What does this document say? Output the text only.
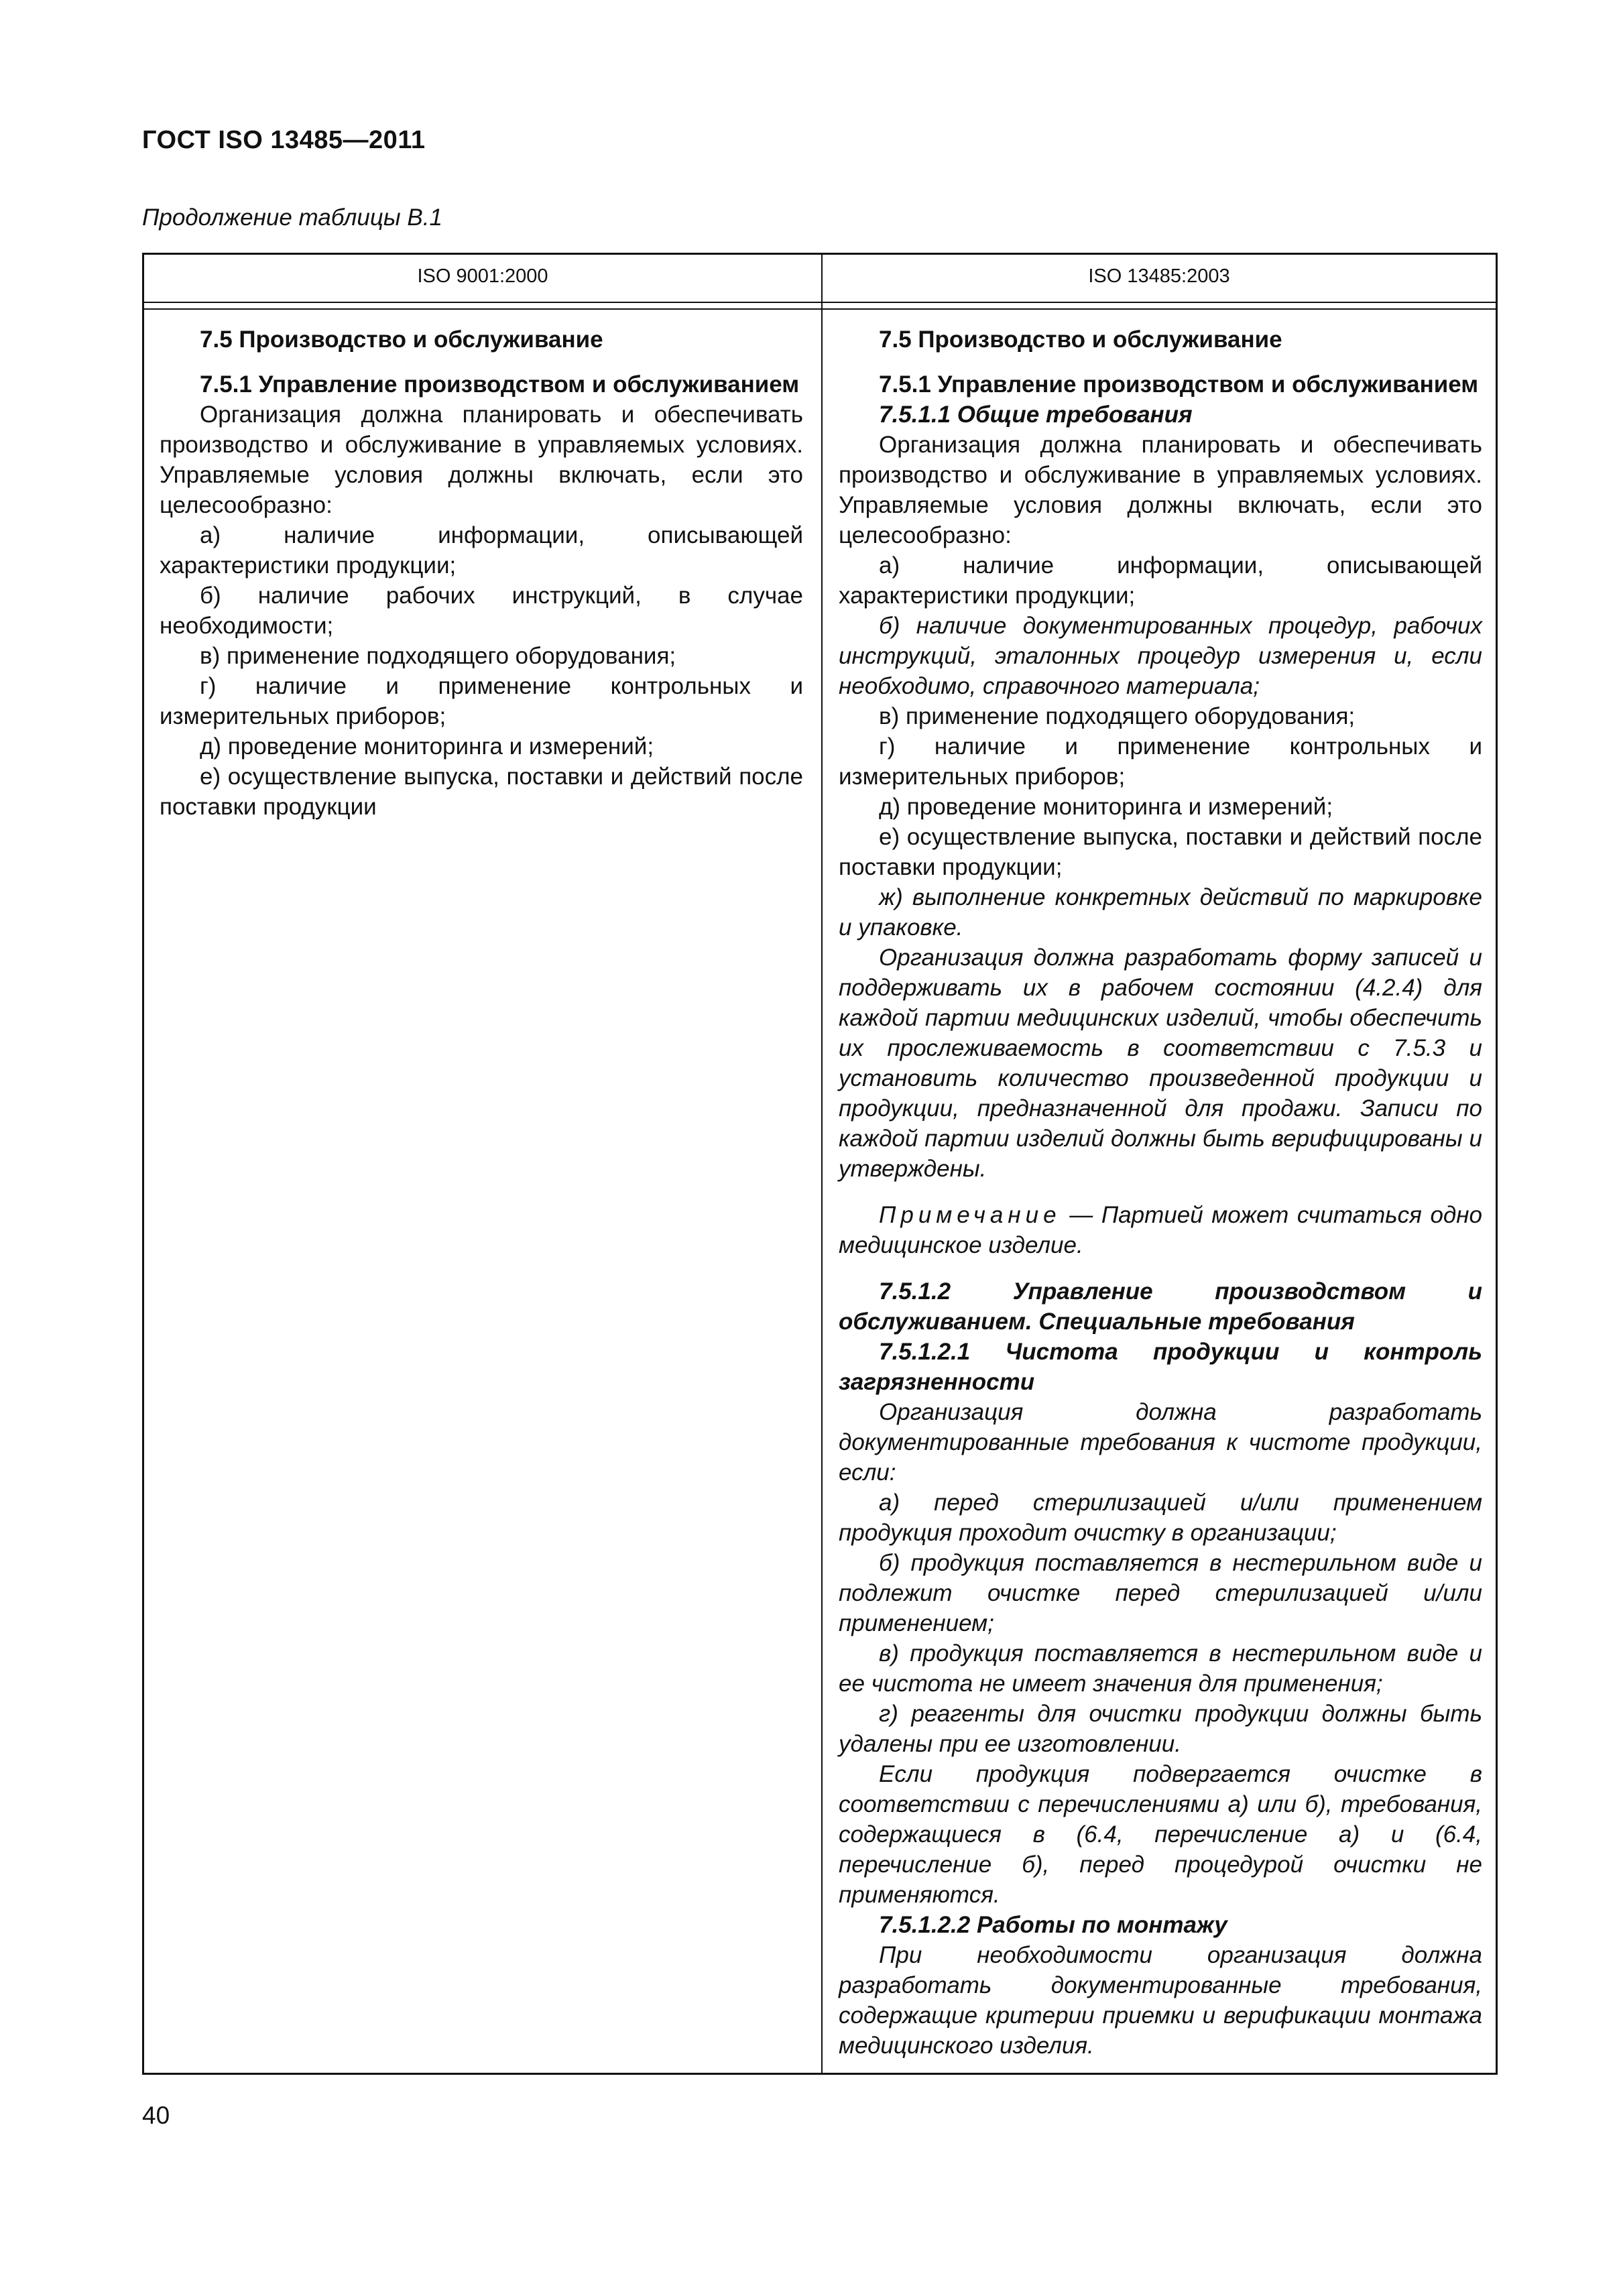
ГОСТ ISO 13485—2011
Продолжение таблицы В.1
ISO 9001:2000	ISO 13485:2003

7.5 Производство и обслуживание

7.5.1 Управление производством и обслуживанием

Организация должна планировать и обеспечивать производство и обслуживание в управляемых условиях. Управляемые условия должны включать, если это целесообразно:

а) наличие информации, описывающей характеристики продукции;

б) наличие рабочих инструкций, в случае необходимости;

в) применение подходящего оборудования;

г) наличие и применение контрольных и измерительных приборов;

д) проведение мониторинга и измерений;

е) осуществление выпуска, поставки и действий после поставки продукции

7.5 Производство и обслуживание

7.5.1 Управление производством и обслуживанием

7.5.1.1 Общие требования

Организация должна планировать и обеспечивать производство и обслуживание в управляемых условиях. Управляемые условия должны включать, если это целесообразно:

а) наличие информации, описывающей характеристики продукции;

б) наличие документированных процедур, рабочих инструкций, эталонных процедур измерения и, если необходимо, справочного материала;

в) применение подходящего оборудования;

г) наличие и применение контрольных и измерительных приборов;

д) проведение мониторинга и измерений;

е) осуществление выпуска, поставки и действий после поставки продукции;

ж) выполнение конкретных действий по маркировке и упаковке.

Организация должна разработать форму записей и поддерживать их в рабочем состоянии (4.2.4) для каждой партии медицинских изделий, чтобы обеспечить их прослеживаемость в соответствии с 7.5.3 и установить количество произведенной продукции и продукции, предназначенной для продажи. Записи по каждой партии изделий должны быть верифицированы и утверждены.

Примечание — Партией может считаться одно медицинское изделие.

7.5.1.2 Управление производством и обслуживанием. Специальные требования

7.5.1.2.1 Чистота продукции и контроль загрязненности

Организация должна разработать документированные требования к чистоте продукции, если:

а) перед стерилизацией и/или применением продукция проходит очистку в организации;

б) продукция поставляется в нестерильном виде и подлежит очистке перед стерилизацией и/или применением;

в) продукция поставляется в нестерильном виде и ее чистота не имеет значения для применения;

г) реагенты для очистки продукции должны быть удалены при ее изготовлении.

Если продукция подвергается очистке в соответствии с перечислениями а) или б), требования, содержащиеся в (6.4, перечисление а) и (6.4, перечисление б), перед процедурой очистки не применяются.

7.5.1.2.2 Работы по монтажу

При необходимости организация должна разработать документированные требования, содержащие критерии приемки и верификации монтажа медицинского изделия.

40
